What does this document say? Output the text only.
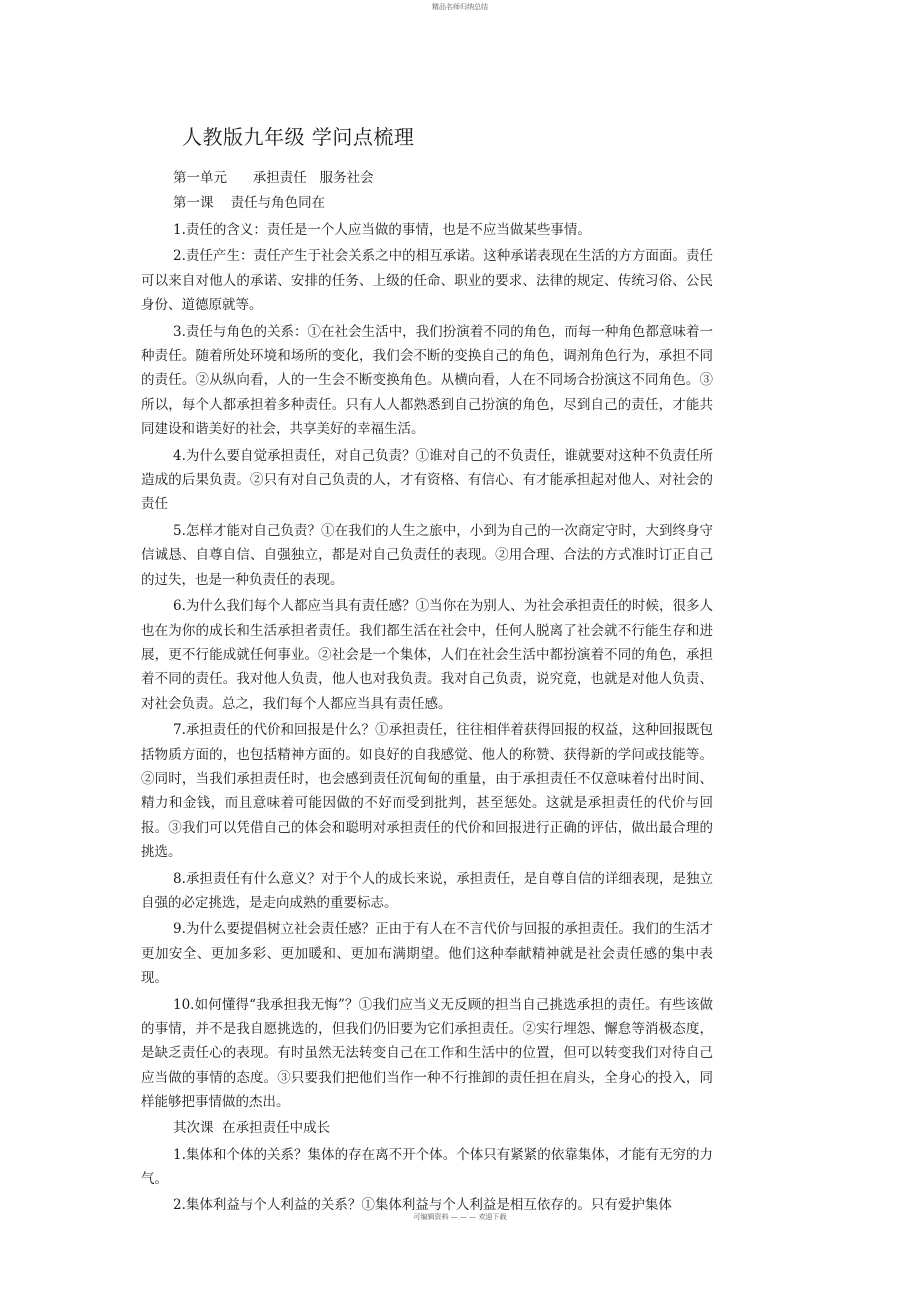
精品名师归纳总结
人教版九年级 学问点梳理
第一单元      承担责任   服务社会
第一课    责任与角色同在

1.责任的含义：责任是一个人应当做的事情，也是不应当做某些事情。

2.责任产生：责任产生于社会关系之中的相互承诺。这种承诺表现在生活的方方面面。责任可以来自对他人的承诺、安排的任务、上级的任命、职业的要求、法律的规定、传统习俗、公民身份、道德原就等。

3.责任与角色的关系：①在社会生活中，我们扮演着不同的角色，而每一种角色都意味着一种责任。随着所处环境和场所的变化，我们会不断的变换自己的角色，调剂角色行为，承担不同的责任。②从纵向看，人的一生会不断变换角色。从横向看，人在不同场合扮演这不同角色。③所以，每个人都承担着多种责任。只有人人都熟悉到自己扮演的角色，尽到自己的责任，才能共同建设和谐美好的社会，共享美好的幸福生活。

4.为什么要自觉承担责任，对自己负责？①谁对自己的不负责任，谁就要对这种不负责任所造成的后果负责。②只有对自己负责的人，才有资格、有信心、有才能承担起对他人、对社会的责任

5.怎样才能对自己负责？①在我们的人生之旅中，小到为自己的一次商定守时，大到终身守信诚恳、自尊自信、自强独立，都是对自己负责任的表现。②用合理、合法的方式准时订正自己的过失，也是一种负责任的表现。

6.为什么我们每个人都应当具有责任感？①当你在为别人、为社会承担责任的时候，很多人也在为你的成长和生活承担者责任。我们都生活在社会中，任何人脱离了社会就不行能生存和进展，更不行能成就任何事业。②社会是一个集体，人们在社会生活中都扮演着不同的角色，承担着不同的责任。我对他人负责，他人也对我负责。我对自己负责，说究竟，也就是对他人负责、对社会负责。总之，我们每个人都应当具有责任感。

7.承担责任的代价和回报是什么？①承担责任，往往相伴着获得回报的权益，这种回报既包括物质方面的，也包括精神方面的。如良好的自我感觉、他人的称赞、获得新的学问或技能等。②同时，当我们承担责任时，也会感到责任沉甸甸的重量，由于承担责任不仅意味着付出时间、精力和金钱，而且意味着可能因做的不好而受到批判，甚至惩处。这就是承担责任的代价与回报。③我们可以凭借自己的体会和聪明对承担责任的代价和回报进行正确的评估，做出最合理的挑选。

8.承担责任有什么意义？对于个人的成长来说，承担责任，是自尊自信的详细表现，是独立自强的必定挑选，是走向成熟的重要标志。

9.为什么要提倡树立社会责任感？正由于有人在不言代价与回报的承担责任。我们的生活才更加安全、更加多彩、更加暖和、更加布满期望。他们这种奉献精神就是社会责任感的集中表现。

10.如何懂得“我承担我无悔”？①我们应当义无反顾的担当自己挑选承担的责任。有些该做的事情，并不是我自愿挑选的，但我们仍旧要为它们承担责任。②实行埋怨、懈怠等消极态度，是缺乏责任心的表现。有时虽然无法转变自己在工作和生活中的位置，但可以转变我们对待自己应当做的事情的态度。③只要我们把他们当作一种不行推卸的责任担在肩头，全身心的投入，同样能够把事情做的杰出。

其次课  在承担责任中成长

1.集体和个体的关系？集体的存在离不开个体。个体只有紧紧的依靠集体，才能有无穷的力气。

2.集体利益与个人利益的关系？①集体利益与个人利益是相互依存的。只有爱护集体

可编辑资料 — — — 欢迎下载
